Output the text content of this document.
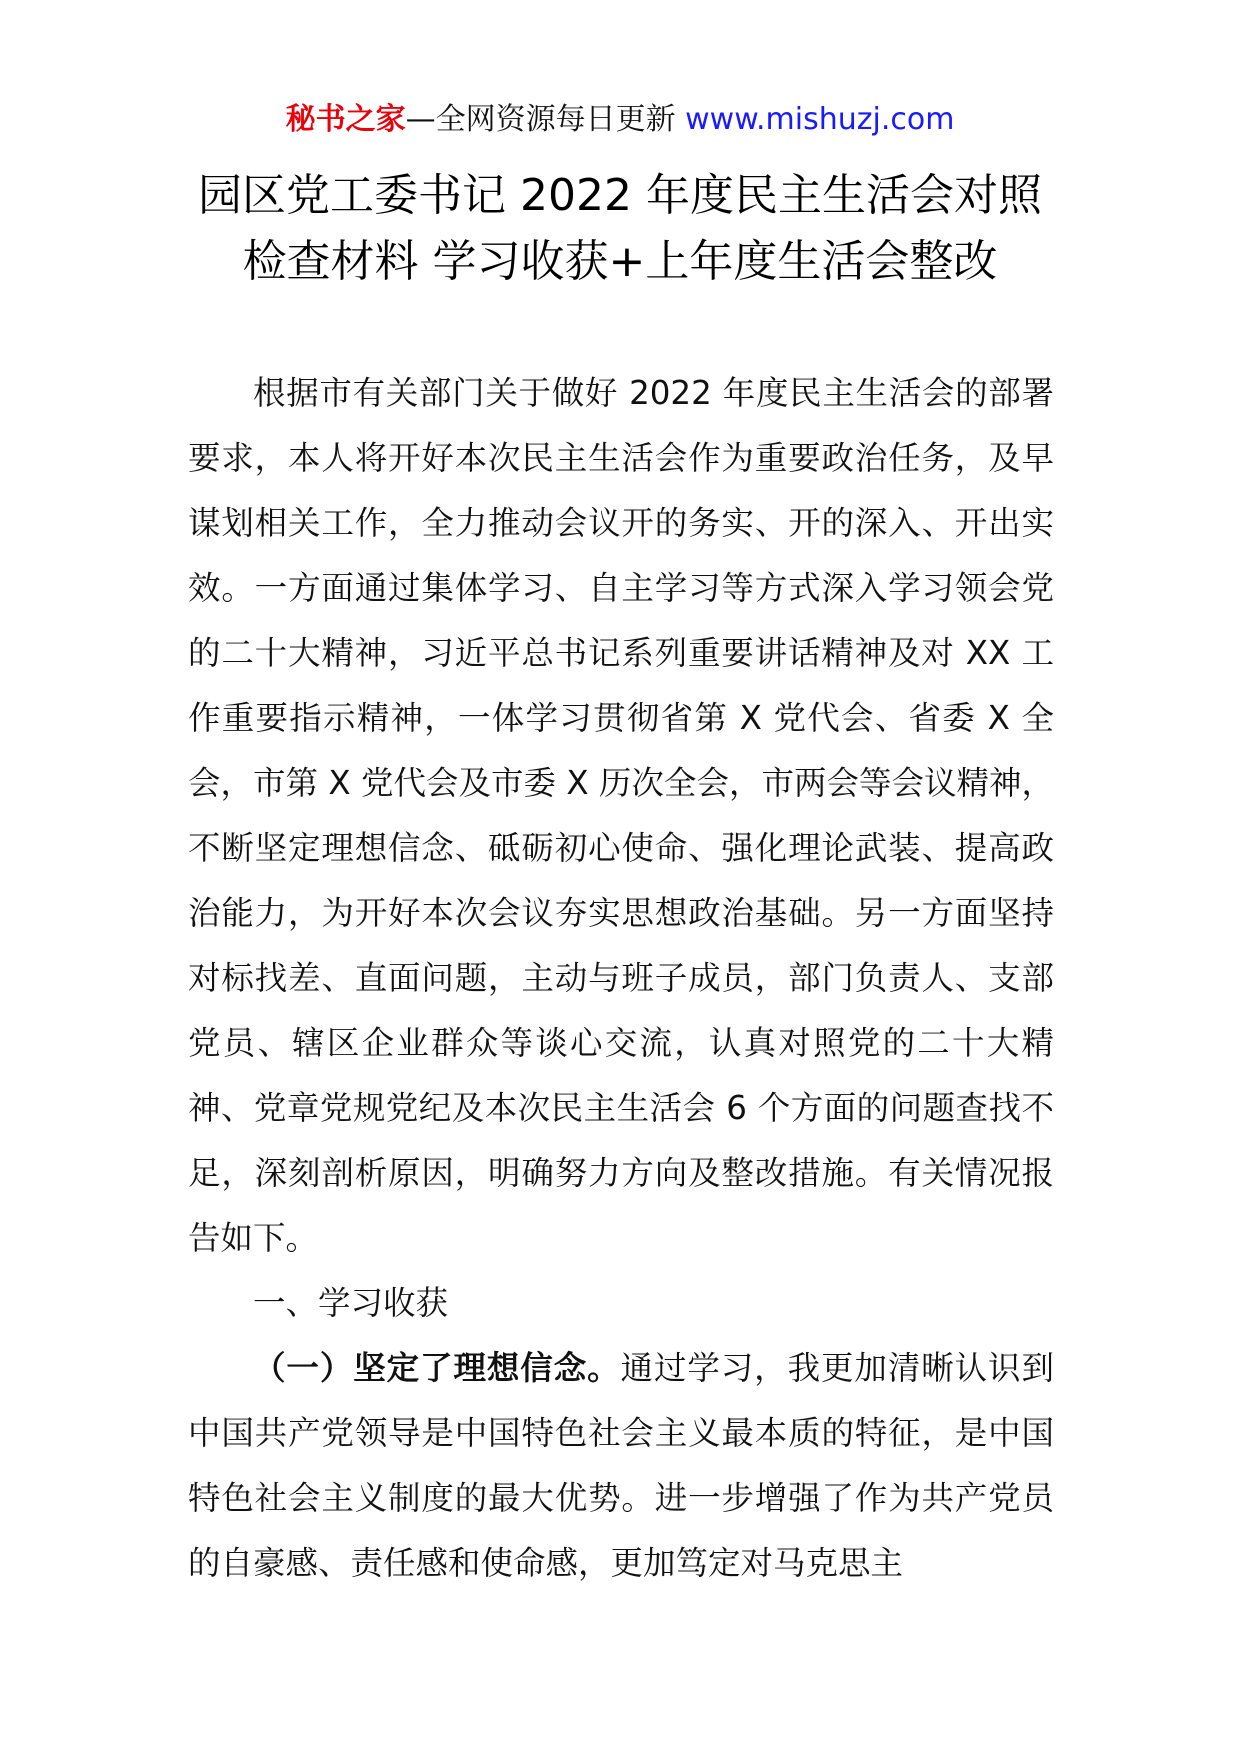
秘书之家—全网资源每日更新 www.mishuzj.com
园区党工委书记 2022 年度民主生活会对照
检查材料 学习收获+上年度生活会整改

根据市有关部门关于做好 2022 年度民主生活会的部署要求，本人将开好本次民主生活会作为重要政治任务，及早谋划相关工作，全力推动会议开的务实、开的深入、开出实效。一方面通过集体学习、自主学习等方式深入学习领会党的二十大精神，习近平总书记系列重要讲话精神及对 XX 工作重要指示精神，一体学习贯彻省第 X 党代会、省委 X 全会，市第 X 党代会及市委 X 历次全会，市两会等会议精神，不断坚定理想信念、砥砺初心使命、强化理论武装、提高政治能力，为开好本次会议夯实思想政治基础。另一方面坚持对标找差、直面问题，主动与班子成员，部门负责人、支部党员、辖区企业群众等谈心交流，认真对照党的二十大精神、党章党规党纪及本次民主生活会 6 个方面的问题查找不足，深刻剖析原因，明确努力方向及整改措施。有关情况报告如下。

一、学习收获

（一）坚定了理想信念。通过学习，我更加清晰认识到中国共产党领导是中国特色社会主义最本质的特征，是中国特色社会主义制度的最大优势。进一步增强了作为共产党员的自豪感、责任感和使命感，更加笃定对马克思主
